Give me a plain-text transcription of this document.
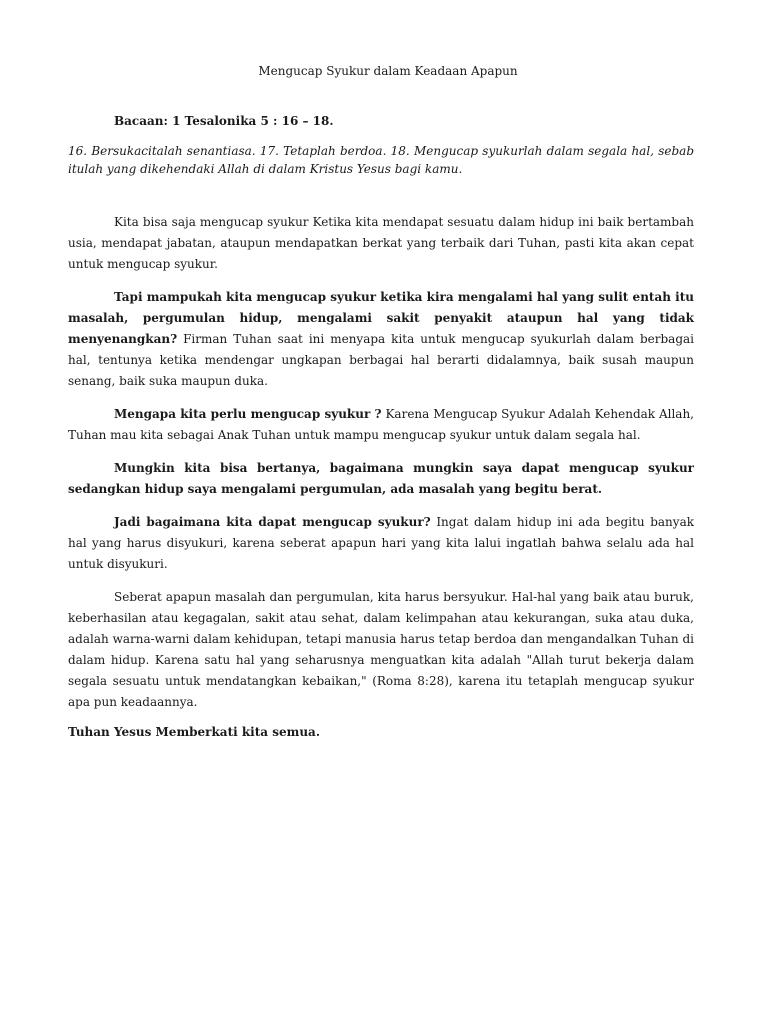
Mengucap Syukur dalam Keadaan Apapun

Bacaan: 1 Tesalonika 5 : 16 – 18.

16. Bersukacitalah senantiasa. 17. Tetaplah berdoa. 18. Mengucap syukurlah dalam segala hal, sebab itulah yang dikehendaki Allah di dalam Kristus Yesus bagi kamu.

Kita bisa saja mengucap syukur Ketika kita mendapat sesuatu dalam hidup ini baik bertambah usia, mendapat jabatan, ataupun mendapatkan berkat yang terbaik dari Tuhan, pasti kita akan cepat untuk mengucap syukur.

Tapi mampukah kita mengucap syukur ketika kira mengalami hal yang sulit entah itu masalah, pergumulan hidup, mengalami sakit penyakit ataupun hal yang tidak menyenangkan? Firman Tuhan saat ini menyapa kita untuk mengucap syukurlah dalam berbagai hal, tentunya ketika mendengar ungkapan berbagai hal berarti didalamnya, baik susah maupun senang, baik suka maupun duka.

Mengapa kita perlu mengucap syukur ? Karena Mengucap Syukur Adalah Kehendak Allah, Tuhan mau kita sebagai Anak Tuhan untuk mampu mengucap syukur untuk dalam segala hal.

Mungkin kita bisa bertanya, bagaimana mungkin saya dapat mengucap syukur sedangkan hidup saya mengalami pergumulan, ada masalah yang begitu berat.

Jadi bagaimana kita dapat mengucap syukur? Ingat dalam hidup ini ada begitu banyak hal yang harus disyukuri, karena seberat apapun hari yang kita lalui ingatlah bahwa selalu ada hal untuk disyukuri.

Seberat apapun masalah dan pergumulan, kita harus bersyukur. Hal-hal yang baik atau buruk, keberhasilan atau kegagalan, sakit atau sehat, dalam kelimpahan atau kekurangan, suka atau duka, adalah warna-warni dalam kehidupan, tetapi manusia harus tetap berdoa dan mengandalkan Tuhan di dalam hidup. Karena satu hal yang seharusnya menguatkan kita adalah "Allah turut bekerja dalam segala sesuatu untuk mendatangkan kebaikan," (Roma 8:28), karena itu tetaplah mengucap syukur apa pun keadaannya.

Tuhan Yesus Memberkati kita semua.
